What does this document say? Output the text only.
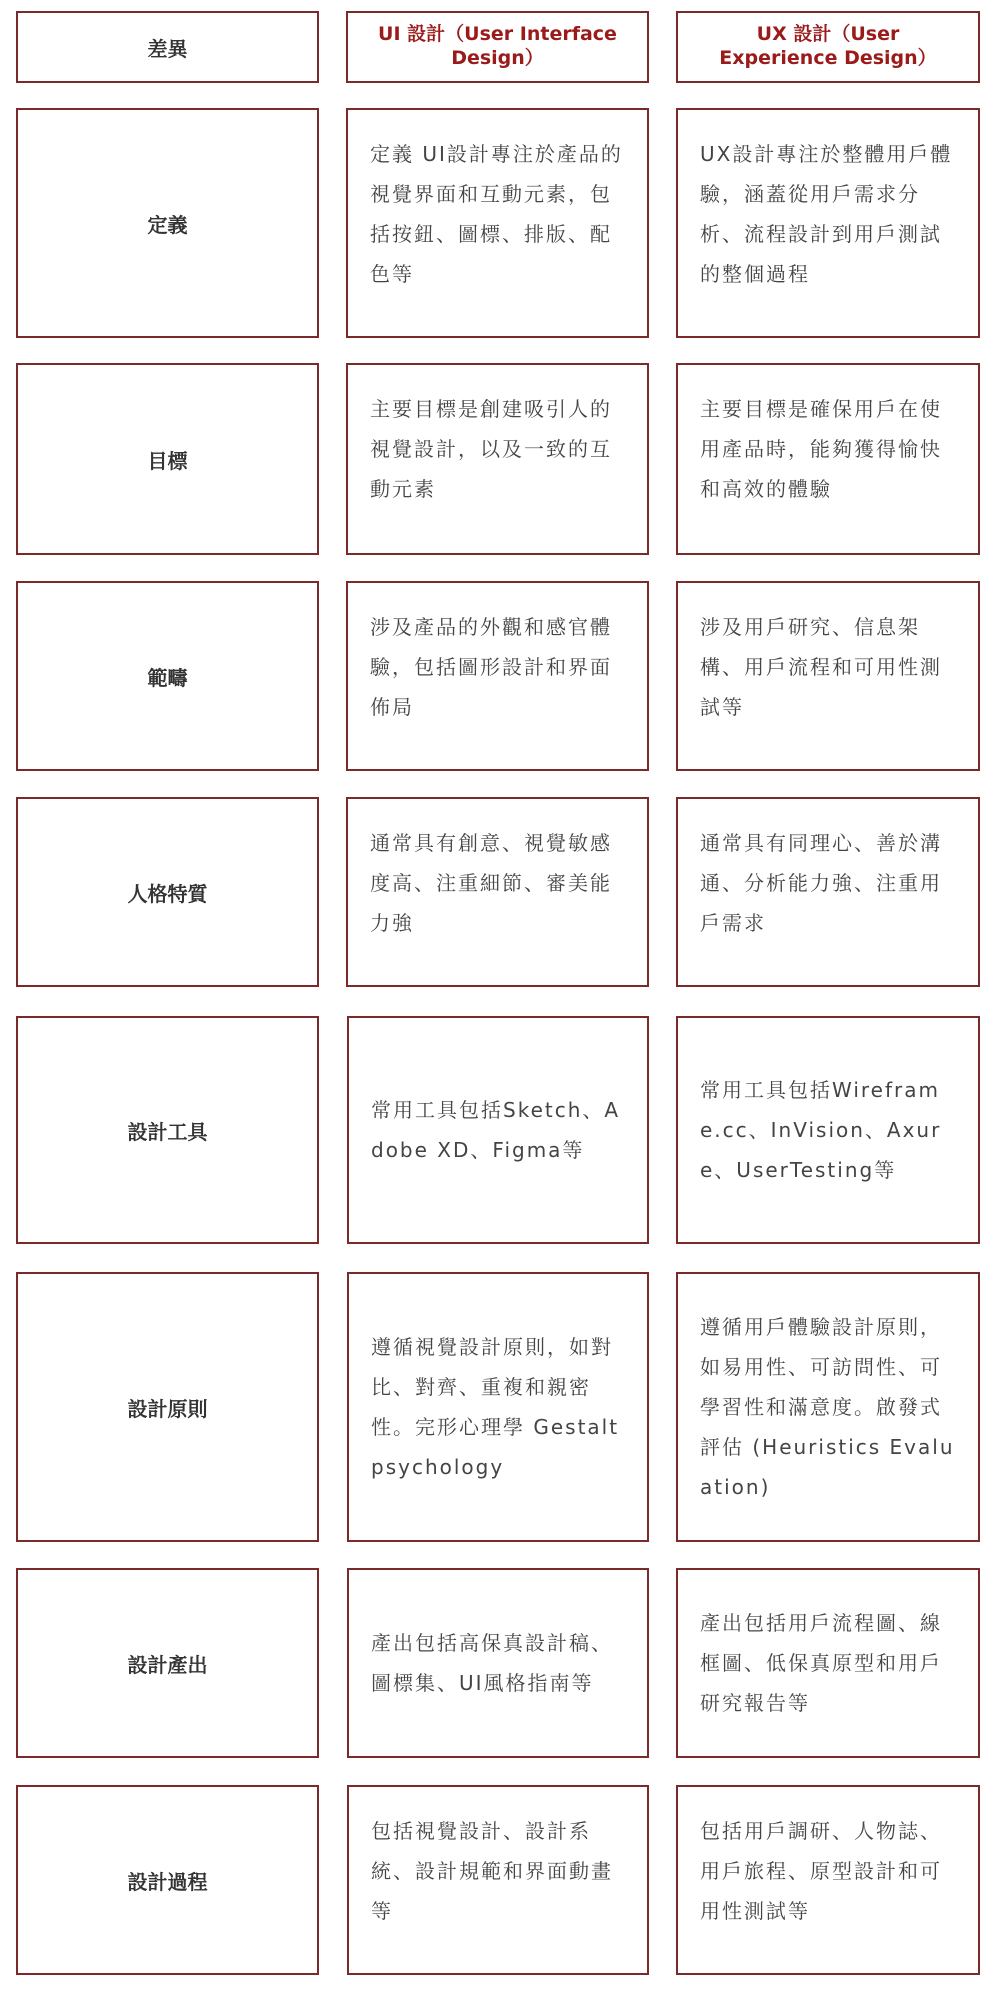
差異
UI 設計（User Interface Design）
UX 設計（User Experience Design）
定義
定義 UI設計專注於產品的視覺界面和互動元素，包括按鈕、圖標、排版、配色等
UX設計專注於整體用戶體驗，涵蓋從用戶需求分析、流程設計到用戶測試的整個過程
目標
主要目標是創建吸引人的視覺設計，以及一致的互動元素
主要目標是確保用戶在使用產品時，能夠獲得愉快和高效的體驗
範疇
涉及產品的外觀和感官體驗，包括圖形設計和界面佈局
涉及用戶研究、信息架構、用戶流程和可用性測試等
人格特質
通常具有創意、視覺敏感度高、注重細節、審美能力強
通常具有同理心、善於溝通、分析能力強、注重用戶需求
設計工具
常用工具包括Sketch、Adobe XD、Figma等
常用工具包括Wireframe.cc、InVision、Axure、UserTesting等
設計原則
遵循視覺設計原則，如對比、對齊、重複和親密性。完形心理學 Gestalt psychology
遵循用戶體驗設計原則，如易用性、可訪問性、可學習性和滿意度。啟發式評估 (Heuristics Evaluation)
設計產出
產出包括高保真設計稿、圖標集、UI風格指南等
產出包括用戶流程圖、線框圖、低保真原型和用戶研究報告等
設計過程
包括視覺設計、設計系統、設計規範和界面動畫等
包括用戶調研、人物誌、用戶旅程、原型設計和可用性測試等
